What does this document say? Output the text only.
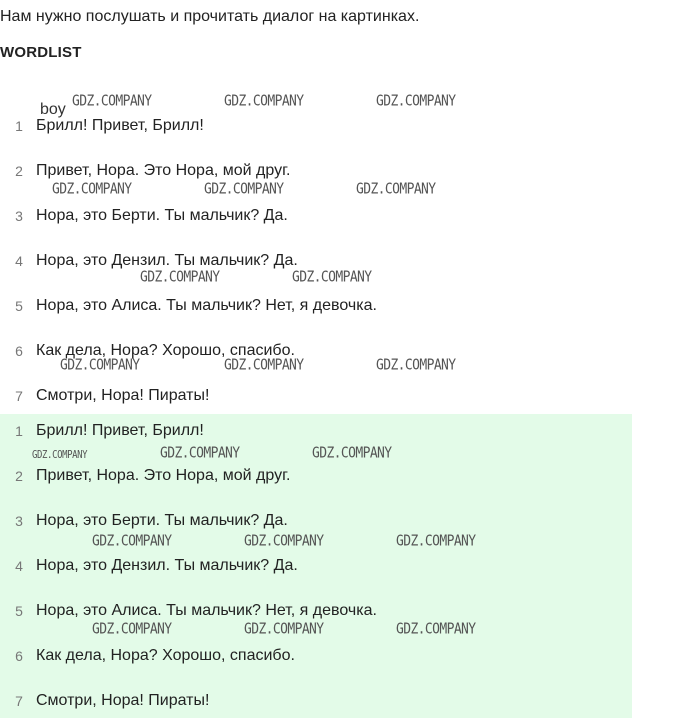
Нам нужно послушать и прочитать диалог на картинках.
WORDLIST
boy
1 Брилл! Привет, Брилл!
2 Привет, Нора. Это Нора, мой друг.
3 Нора, это Берти. Ты мальчик? Да.
4 Нора, это Дензил. Ты мальчик? Да.
5 Нора, это Алиса. Ты мальчик? Нет, я девочка.
6 Как дела, Нора? Хорошо, спасибо.
7 Смотри, Нора! Пираты!
1 Брилл! Привет, Брилл!
2 Привет, Нора. Это Нора, мой друг.
3 Нора, это Берти. Ты мальчик? Да.
4 Нора, это Дензил. Ты мальчик? Да.
5 Нора, это Алиса. Ты мальчик? Нет, я девочка.
6 Как дела, Нора? Хорошо, спасибо.
7 Смотри, Нора! Пираты!
GDZ.COMPANY	GDZ.COMPANY	GDZ.COMPANY
GDZ.COMPANY	GDZ.COMPANY	GDZ.COMPANY
GDZ.COMPANY	GDZ.COMPANY
GDZ.COMPANY	GDZ.COMPANY	GDZ.COMPANY
GDZ.COMPANY	GDZ.COMPANY	GDZ.COMPANY
GDZ.COMPANY	GDZ.COMPANY	GDZ.COMPANY
GDZ.COMPANY	GDZ.COMPANY	GDZ.COMPANY
